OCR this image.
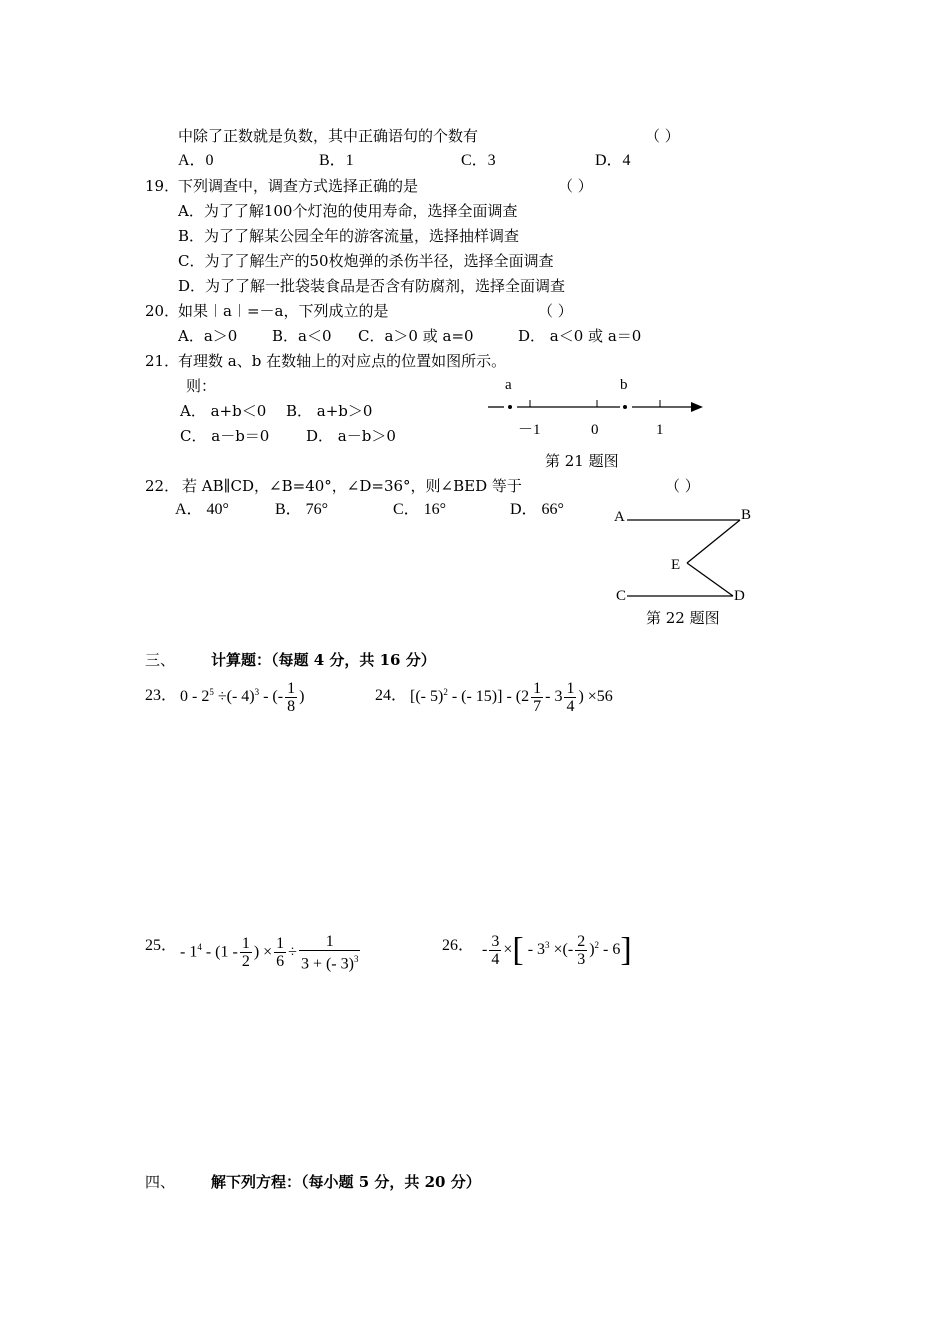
中除了正数就是负数，其中正确语句的个数有	（ ）
A．0	B．1	C．3	D．4
19．
下列调查中，调查方式选择正确的是	（ ）
A．为了了解100个灯泡的使用寿命，选择全面调查
B．为了了解某公园全年的游客流量，选择抽样调查
C．为了了解生产的50枚炮弹的杀伤半径，选择全面调查
D．为了了解一批袋装食品是否含有防腐剂，选择全面调查
20．
如果︱a︱=－a，下列成立的是	（ ）
A．a＞0 B．a＜0 C．a＞0 或 a=0	D． a＜0 或 a＝0
21．
有理数 a、b 在数轴上的对应点的位置如图所示。
则：
A． a+b＜0 B． a+b＞0
C． a－b＝0 D． a－b＞0
a	b
－1	0	1
第 21 题图
22． 若 AB∥CD，∠B=40°，∠D=36°，则∠BED 等于	（ ）
A． 40°	B． 76°	C． 16°	D． 66°	A	B
E
C	D
第 22 题图
三、 计算题：（每题 4 分，共 16 分）
23． $0 - 2^5$ ÷(- 4)$^3$ - (- $\frac{1}{8}$ )	24． [(- 5)$^2$ - (- $15)] - (2 \frac{1}{7} - 3 \frac{1}{4}$ ) ×56
25． - $1^4 - (1 - \frac{1}{2}$ ) × $\frac{1}{6} \div \frac{1}{3 + (- 3)^3}$	26． - $\frac{3}{4}$ ×[ - $3^3$ ×(- $\frac{2}{3} )^2 - 6$]
四、 解下列方程：（每小题 5 分，共 20 分）
